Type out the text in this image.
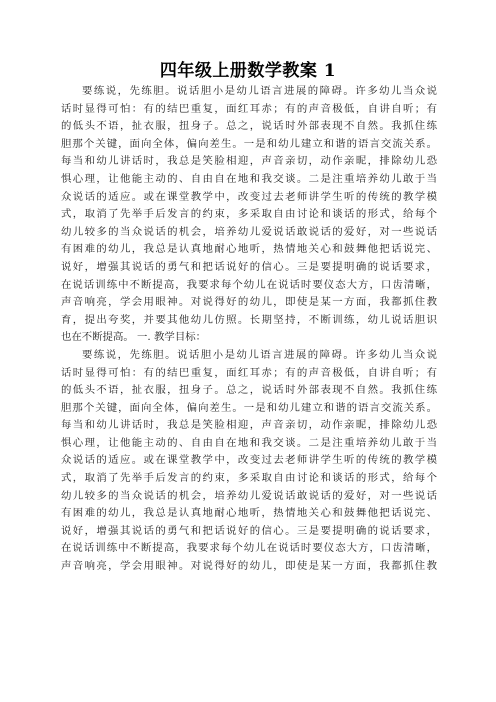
四年级上册数学教案 1
要练说，先练胆。说话胆小是幼儿语言进展的障碍。许多幼儿当众说
话时显得可怕：有的结巴重复，面红耳赤；有的声音极低，自讲自听；有
的低头不语，扯衣服，扭身子。总之，说话时外部表现不自然。我抓住练
胆那个关键，面向全体，偏向差生。一是和幼儿建立和谐的语言交流关系。
每当和幼儿讲话时，我总是笑脸相迎，声音亲切，动作亲昵，排除幼儿恐
惧心理，让他能主动的、自由自在地和我交谈。二是注重培养幼儿敢于当
众说话的适应。或在课堂教学中，改变过去老师讲学生听的传统的教学模
式，取消了先举手后发言的约束，多采取自由讨论和谈话的形式，给每个
幼儿较多的当众说话的机会，培养幼儿爱说话敢说话的爱好，对一些说话
有困难的幼儿，我总是认真地耐心地听，热情地关心和鼓舞他把话说完、
说好，增强其说话的勇气和把话说好的信心。三是要提明确的说话要求，
在说话训练中不断提高，我要求每个幼儿在说话时要仪态大方，口齿清晰，
声音响亮，学会用眼神。对说得好的幼儿，即使是某一方面，我都抓住教
育，提出夸奖，并要其他幼儿仿照。长期坚持，不断训练，幼儿说话胆识
也在不断提高。 一. 教学目标：
要练说，先练胆。说话胆小是幼儿语言进展的障碍。许多幼儿当众说
话时显得可怕：有的结巴重复，面红耳赤；有的声音极低，自讲自听；有
的低头不语，扯衣服，扭身子。总之，说话时外部表现不自然。我抓住练
胆那个关键，面向全体，偏向差生。一是和幼儿建立和谐的语言交流关系。
每当和幼儿讲话时，我总是笑脸相迎，声音亲切，动作亲昵，排除幼儿恐
惧心理，让他能主动的、自由自在地和我交谈。二是注重培养幼儿敢于当
众说话的适应。或在课堂教学中，改变过去老师讲学生听的传统的教学模
式，取消了先举手后发言的约束，多采取自由讨论和谈话的形式，给每个
幼儿较多的当众说话的机会，培养幼儿爱说话敢说话的爱好，对一些说话
有困难的幼儿，我总是认真地耐心地听，热情地关心和鼓舞他把话说完、
说好，增强其说话的勇气和把话说好的信心。三是要提明确的说话要求，
在说话训练中不断提高，我要求每个幼儿在说话时要仪态大方，口齿清晰，
声音响亮，学会用眼神。对说得好的幼儿，即使是某一方面，我都抓住教
